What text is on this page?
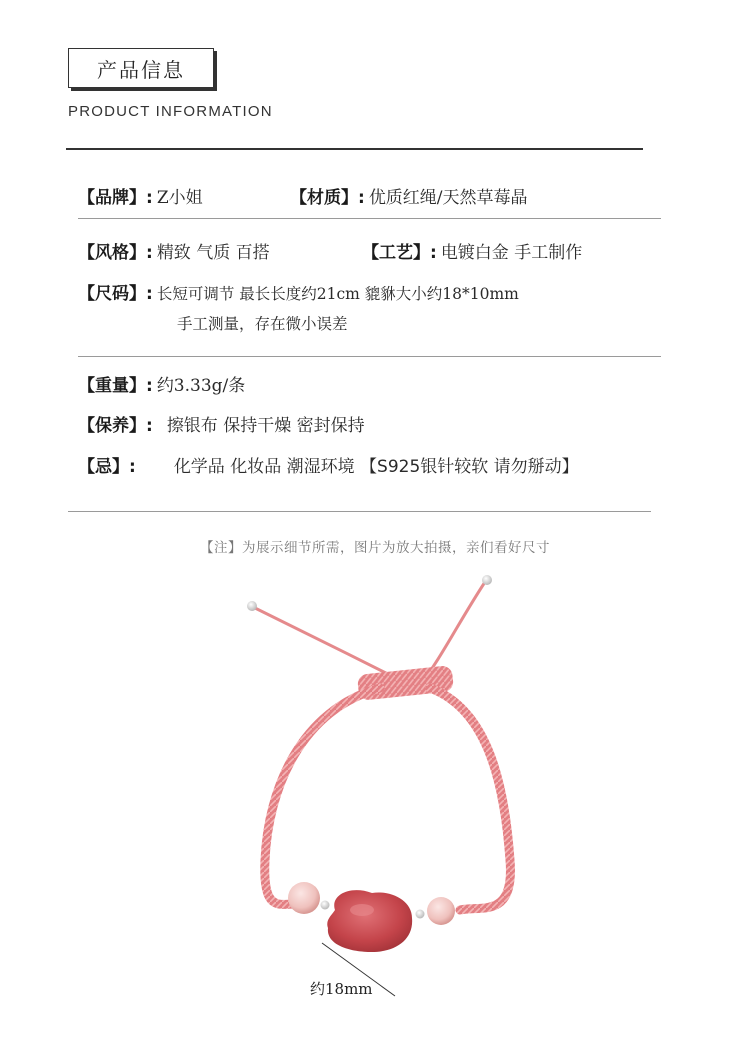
产品信息
PRODUCT INFORMATION
【品牌】: Z小姐	【材质】: 优质红绳/天然草莓晶
【风格】: 精致 气质 百搭	【工艺】: 电镀白金 手工制作
【尺码】: 长短可调节 最长长度约21cm 貔貅大小约18*10mm
手工测量，存在微小误差
【重量】: 约3.33g/条
【保养】: 擦银布 保持干燥 密封保持
【忌】: 化学品 化妆品 潮湿环境 【S925银针较软 请勿掰动】
【注】为展示细节所需，图片为放大拍摄，亲们看好尺寸
约18mm
